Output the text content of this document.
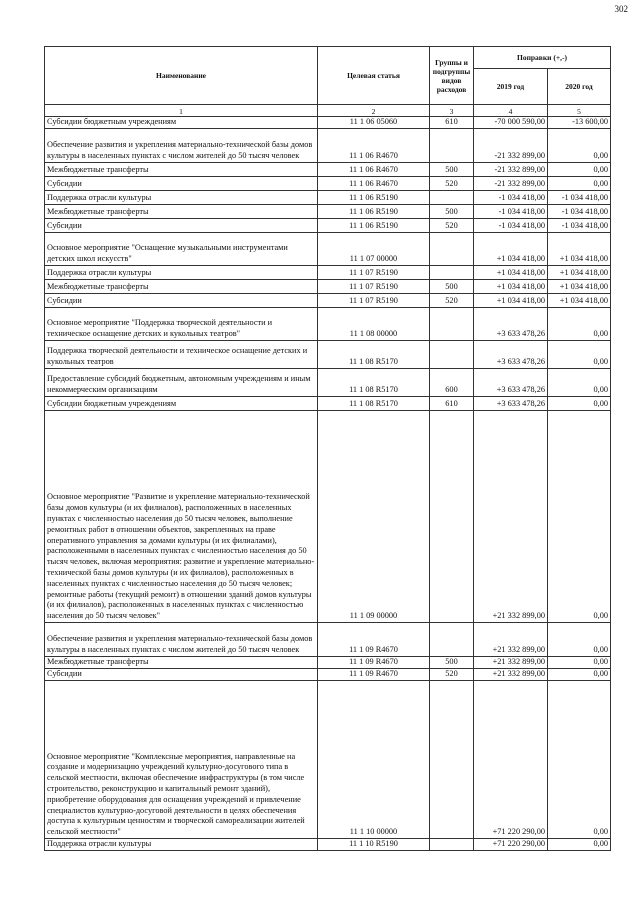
302
Наименование	Целевая статья	Группы и подгруппы видов расходов	Поправки (+,-)	
			2019 год	2020 год
1	2	3	4	5
Субсидии бюджетным учреждениям	11 1 06 05060	610	-70 000 590,00	-13 600,00
Обеспечение развития и укрепления материально-технической базы домов культуры в населенных пунктах с числом жителей до 50 тысяч человек	11 1 06 R4670		-21 332 899,00	0,00
Межбюджетные трансферты	11 1 06 R4670	500	-21 332 899,00	0,00
Субсидии	11 1 06 R4670	520	-21 332 899,00	0,00
Поддержка отрасли культуры	11 1 06 R5190		-1 034 418,00	-1 034 418,00
Межбюджетные трансферты	11 1 06 R5190	500	-1 034 418,00	-1 034 418,00
Субсидии	11 1 06 R5190	520	-1 034 418,00	-1 034 418,00
Основное мероприятие "Оснащение музыкальными инструментами детских школ искусств"	11 1 07 00000		+1 034 418,00	+1 034 418,00
Поддержка отрасли культуры	11 1 07 R5190		+1 034 418,00	+1 034 418,00
Межбюджетные трансферты	11 1 07 R5190	500	+1 034 418,00	+1 034 418,00
Субсидии	11 1 07 R5190	520	+1 034 418,00	+1 034 418,00
Основное мероприятие "Поддержка творческой деятельности и техническое оснащение детских и кукольных театров"	11 1 08 00000		+3 633 478,26	0,00
Поддержка творческой деятельности и техническое оснащение детских и кукольных театров	11 1 08 R5170		+3 633 478,26	0,00
Предоставление субсидий бюджетным, автономным учреждениям и иным некоммерческим организациям	11 1 08 R5170	600	+3 633 478,26	0,00
Субсидии бюджетным учреждениям	11 1 08 R5170	610	+3 633 478,26	0,00
Основное мероприятие "Развитие и укрепление материально-технической базы домов культуры (и их филиалов), расположенных в населенных пунктах с численностью населения до 50 тысяч человек, выполнение ремонтных работ в отношении объектов, закрепленных на праве оперативного управления за домами культуры (и их филиалами), расположенными в населенных пунктах с численностью населения до 50 тысяч человек, включая мероприятия: развитие и укрепление материально-технической базы домов культуры (и их филиалов), расположенных в населенных пунктах с численностью населения до 50 тысяч человек; ремонтные работы (текущий ремонт) в отношении зданий домов культуры (и их филиалов), расположенных в населенных пунктах с численностью населения до 50 тысяч человек"	11 1 09 00000		+21 332 899,00	0,00
Обеспечение развития и укрепления материально-технической базы домов культуры в населенных пунктах с числом жителей до 50 тысяч человек	11 1 09 R4670		+21 332 899,00	0,00
Межбюджетные трансферты	11 1 09 R4670	500	+21 332 899,00	0,00
Субсидии	11 1 09 R4670	520	+21 332 899,00	0,00
Основное мероприятие "Комплексные мероприятия, направленные на создание и модернизацию учреждений культурно-досугового типа в сельской местности, включая обеспечение инфраструктуры (в том числе строительство, реконструкцию и капитальный ремонт зданий), приобретение оборудования для оснащения учреждений и привлечение специалистов культурно-досуговой деятельности в целях обеспечения доступа к культурным ценностям и творческой самореализации жителей сельской местности"	11 1 10 00000		+71 220 290,00	0,00
Поддержка отрасли культуры	11 1 10 R5190		+71 220 290,00	0,00
